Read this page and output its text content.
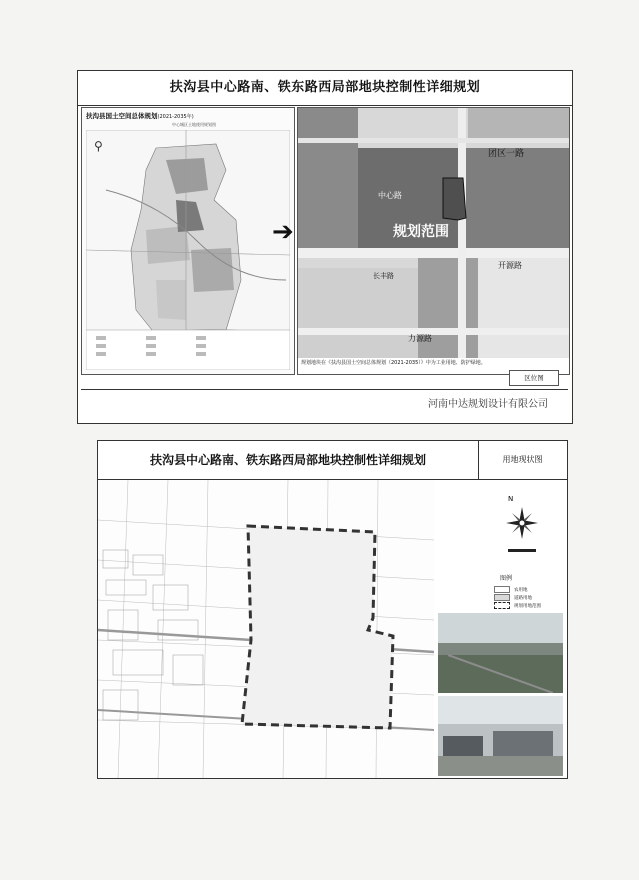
扶沟县中心路南、铁东路西局部地块控制性详细规划
扶沟县国土空间总体规划(2021-2035年)
中心城区土地使用规划图
⚲
➔
团区一路
中心路
开源路
长丰路
力源路
规划范围
规划地块在《扶沟县国土空间总体规划（2021-2035）》中为工业用地、防护绿地。
区位图
河南中达规划设计有限公司
扶沟县中心路南、铁东路西局部地块控制性详细规划	用地现状图
N
图例
农用地
道路用地
规划用地范围
